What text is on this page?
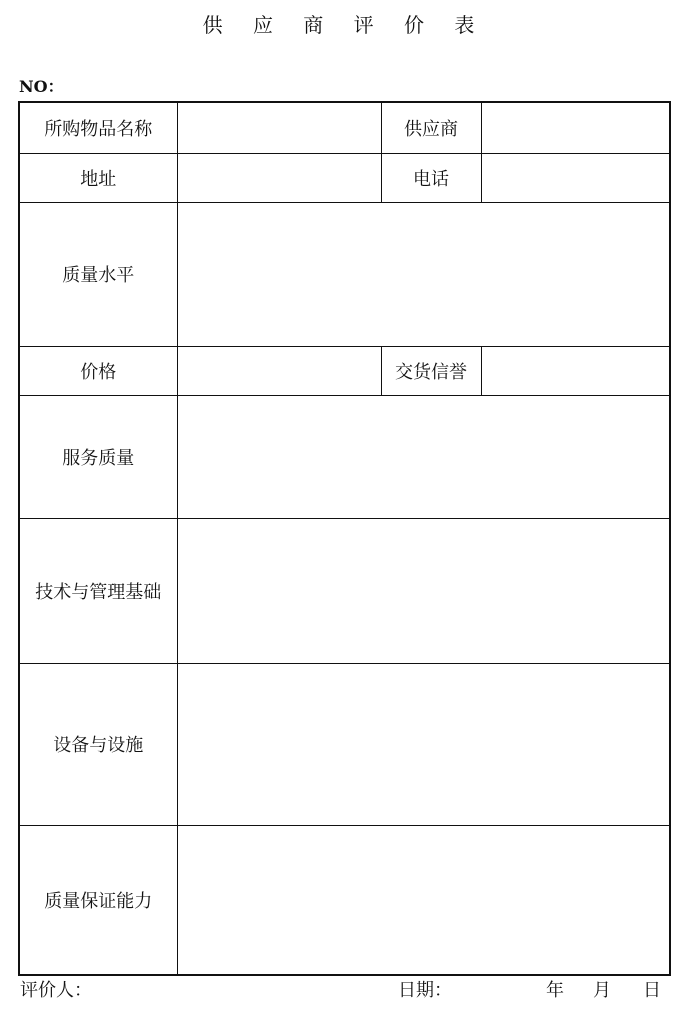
供 应 商 评 价 表
NO：
所购物品名称		供应商	
地址		电话	
质量水平			
价格		交货信誉	
服务质量			
技术与管理基础			
设备与设施			
质量保证能力			
评价人：	日期：	年 月 日
